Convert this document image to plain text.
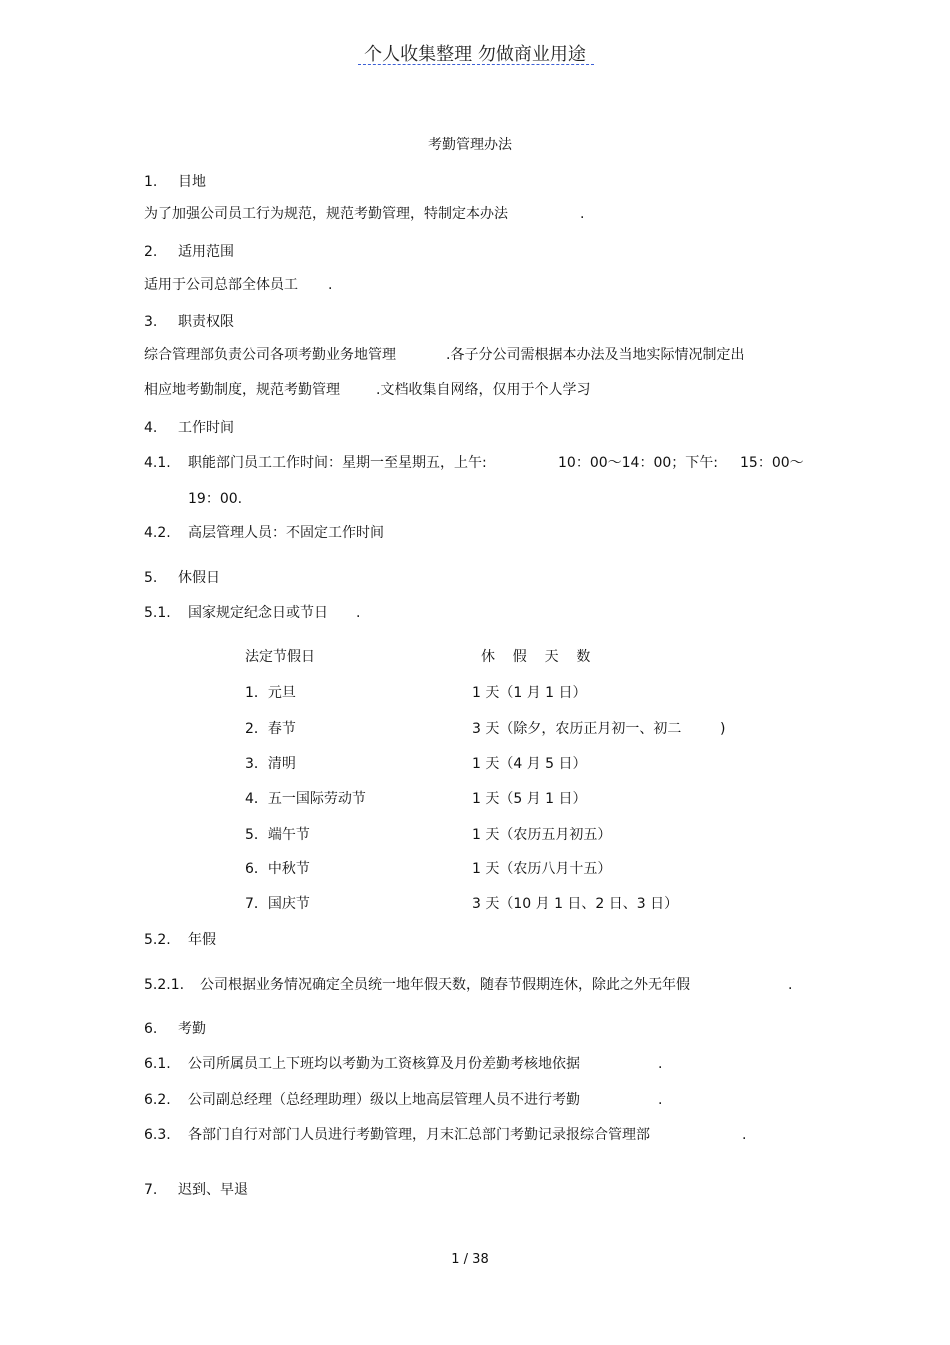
个人收集整理 勿做商业用途
考勤管理办法
1. 目地
为了加强公司员工行为规范，规范考勤管理，特制定本办法	.
2. 适用范围
适用于公司总部全体员工 .
3. 职责权限
综合管理部负责公司各项考勤业务地管理	.各子分公司需根据本办法及当地实际情况制定出
相应地考勤制度，规范考勤管理	.文档收集自网络，仅用于个人学习
4. 工作时间
4.1. 职能部门员工工作时间：星期一至星期五，上午:	10：00～14：00；下午: 15：00～
19：00.
4.2. 高层管理人员：不固定工作时间
5. 休假日
5.1. 国家规定纪念日或节日 .
法定节假日	休    假    天    数
1．元旦	1 天（1 月 1 日）
2．春节	3 天（除夕，农历正月初一、初二	)
3．清明	1 天（4 月 5 日）
4．五一国际劳动节	1 天（5 月 1 日）
5．端午节	1 天（农历五月初五）
6．中秋节	1 天（农历八月十五）
7．国庆节	3 天（10 月 1 日、2 日、3 日）
5.2. 年假
5.2.1. 公司根据业务情况确定全员统一地年假天数，随春节假期连休，除此之外无年假	.
6. 考勤
6.1. 公司所属员工上下班均以考勤为工资核算及月份差勤考核地依据	.
6.2. 公司副总经理（总经理助理）级以上地高层管理人员不进行考勤	.
6.3. 各部门自行对部门人员进行考勤管理，月末汇总部门考勤记录报综合管理部	.
7. 迟到、早退
1 / 38
